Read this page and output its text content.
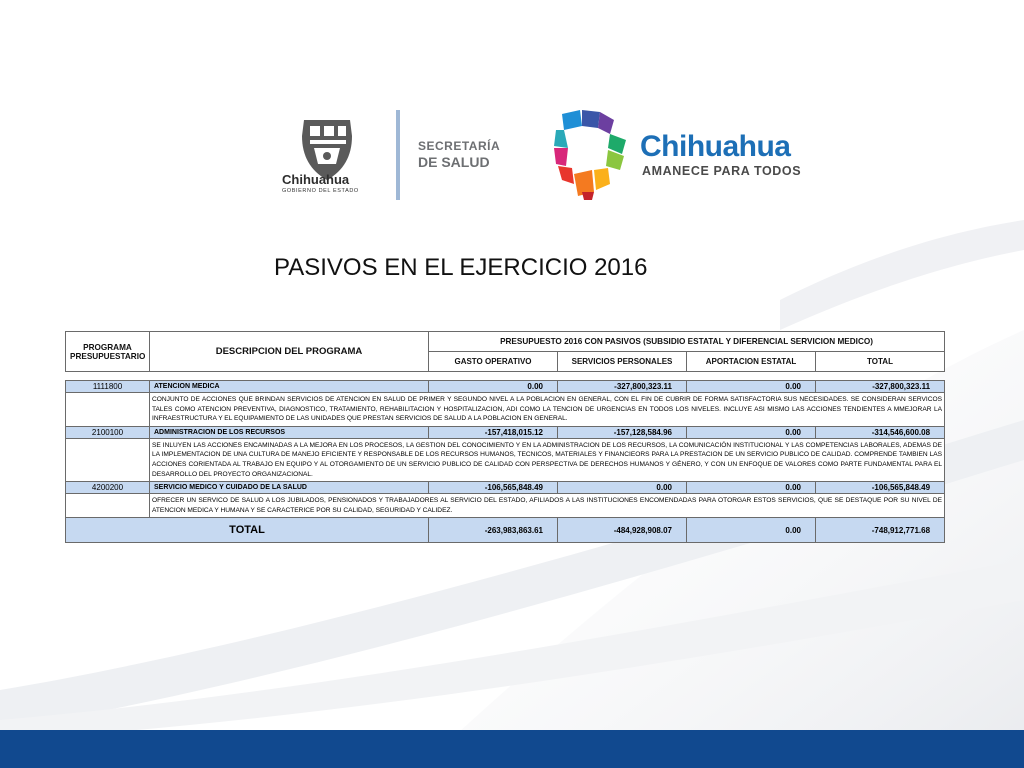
Chihuahua
GOBIERNO DEL ESTADO
SECRETARÍA
DE SALUD	Chihuahua
AMANECE PARA TODOS
PASIVOS EN EL EJERCICIO 2016
PROGRAMA PRESUPUESTARIO	DESCRIPCION DEL PROGRAMA	PRESUPUESTO 2016 CON PASIVOS (SUBSIDIO ESTATAL Y DIFERENCIAL SERVICION MEDICO)			
		GASTO OPERATIVO	SERVICIOS PERSONALES	APORTACION ESTATAL	TOTAL

1111800	ATENCION MEDICA	0.00	-327,800,323.11	0.00	-327,800,323.11
	CONJUNTO DE ACCIONES QUE BRINDAN SERVICIOS DE ATENCION EN SALUD DE PRIMER Y SEGUNDO NIVEL A LA POBLACION EN GENERAL, CON EL FIN DE CUBRIR DE FORMA SATISFACTORIA SUS NECESIDADES. SE CONSIDERAN SERVICOS TALES COMO ATENCION PREVENTIVA, DIAGNOSTICO, TRATAMIENTO, REHABILITACION Y HOSPITALIZACION, ADI COMO LA TENCION DE URGENCIAS EN TODOS LOS NIVELES. INCLUYE ASI MISMO LAS ACCIONES TENDIENTES A MMEJORAR LA INFRAESTRUCTURA Y EL EQUIPAMIENTO DE LAS UNIDADES QUE PRESTAN SERVICIOS DE SALUD A LA POBLACION EN GENERAL.				
2100100	ADMINISTRACION DE LOS RECURSOS	-157,418,015.12	-157,128,584.96	0.00	-314,546,600.08
	SE INLUYEN LAS ACCIONES ENCAMINADAS A LA MEJORA EN LOS PROCESOS, LA GESTION DEL CONOCIMIENTO Y EN LA ADMINISTRACION DE LOS RECURSOS, LA COMUNICACIÓN INSTITUCIONAL Y LAS COMPETENCIAS LABORALES, ADEMAS DE LA IMPLEMENTACION DE UNA CULTURA DE MANEJO EFICIENTE Y RESPONSABLE DE LOS RECURSOS HUMANOS, TECNICOS, MATERIALES Y FINANCIEORS PARA LA PRESTACION DE UN SERVICIO PUBLICO DE CALIDAD. COMPRENDE TAMBIEN LAS ACCIONES CORIENTADA AL TRABAJO EN EQUIPO Y AL OTORGAMIENTO DE UN SERVICIO PUBLICO DE CALIDAD CON PERSPECTIVA DE DERECHOS HUMANOS Y GÉNERO, Y CON UN ENFOQUE DE VALORES COMO PARTE FUNDAMENTAL PARA EL DESARROLLO DEL PROYECTO ORGANIZACIONAL.				
4200200	SERVICIO MEDICO Y CUIDADO DE LA SALUD	-106,565,848.49	0.00	0.00	-106,565,848.49
	OFRECER UN SERVICO DE SALUD A LOS JUBILADOS, PENSIONADOS Y TRABAJADORES AL SERVICIO DEL ESTADO, AFILIADOS A LAS INSTITUCIONES ENCOMENDADAS PARA OTORGAR ESTOS SERVICIOS, QUE SE DESTAQUE POR SU NIVEL DE ATENCION MEDICA Y HUMANA Y SE CARACTERICE POR SU CALIDAD, SEGURIDAD Y CALIDEZ.				
TOTAL		-263,983,863.61	-484,928,908.07	0.00	-748,912,771.68
